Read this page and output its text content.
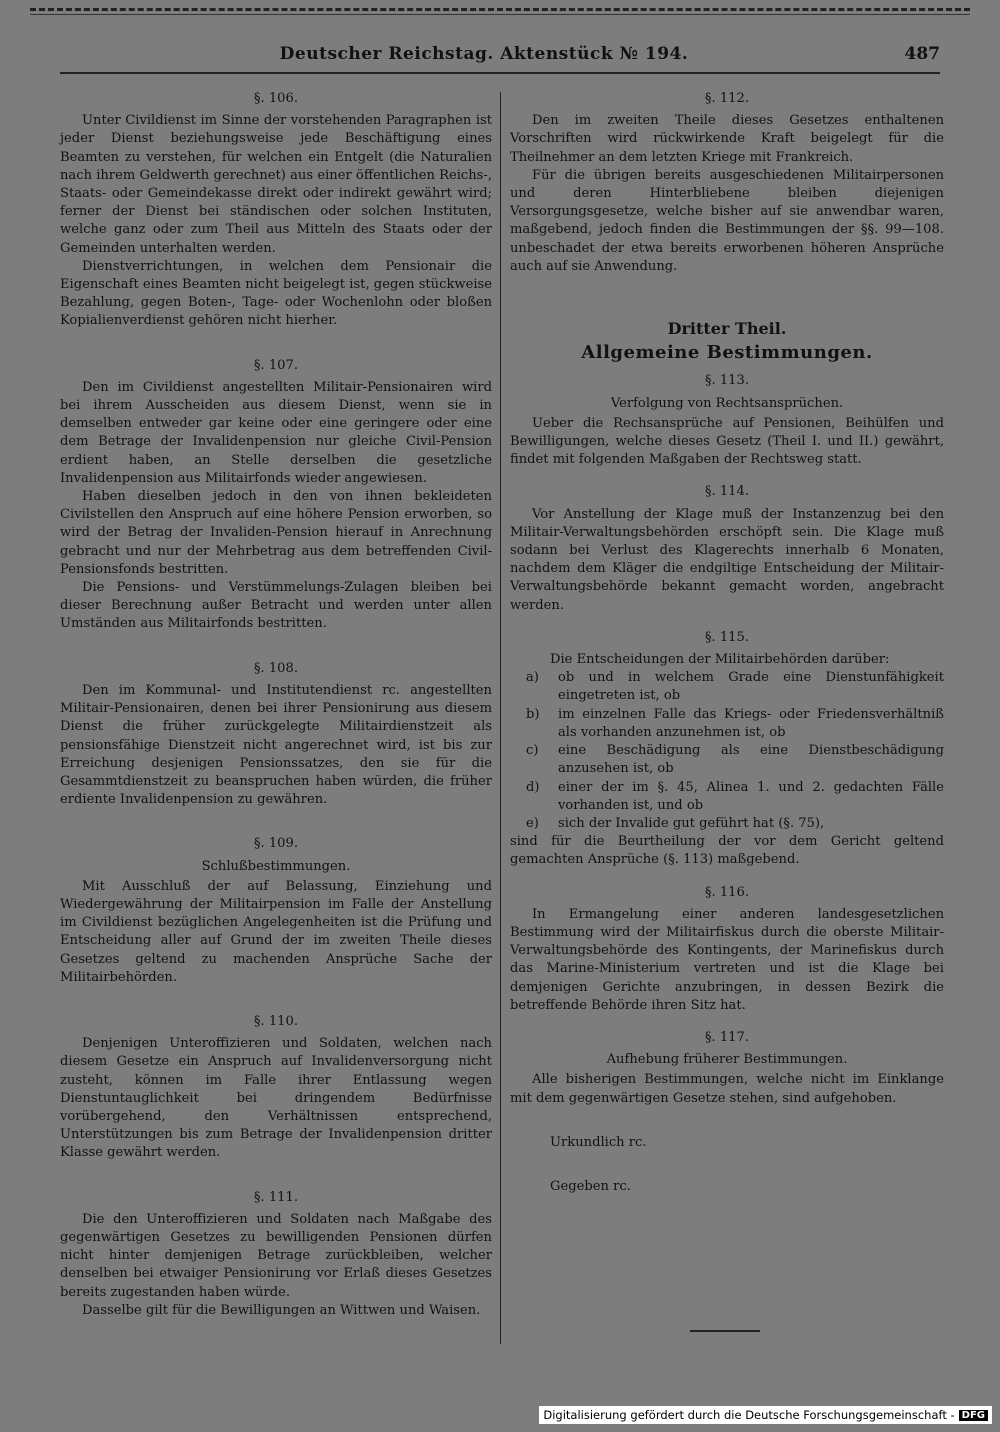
Deutscher Reichstag. Aktenstück № 194.	487
§. 106.

Unter Civildienst im Sinne der vorstehenden Paragraphen ist jeder Dienst beziehungsweise jede Beschäftigung eines Beamten zu verstehen, für welchen ein Entgelt (die Naturalien nach ihrem Geldwerth gerechnet) aus einer öffentlichen Reichs-, Staats- oder Gemeindekasse direkt oder indirekt gewährt wird; ferner der Dienst bei ständischen oder solchen Instituten, welche ganz oder zum Theil aus Mitteln des Staats oder der Gemeinden unterhalten werden.

Dienstverrichtungen, in welchen dem Pensionair die Eigenschaft eines Beamten nicht beigelegt ist, gegen stückweise Bezahlung, gegen Boten-, Tage- oder Wochenlohn oder bloßen Kopialienverdienst gehören nicht hierher.

§. 107.

Den im Civildienst angestellten Militair-Pensionairen wird bei ihrem Ausscheiden aus diesem Dienst, wenn sie in demselben entweder gar keine oder eine geringere oder eine dem Betrage der Invalidenpension nur gleiche Civil-Pension erdient haben, an Stelle derselben die gesetzliche Invalidenpension aus Militairfonds wieder angewiesen.

Haben dieselben jedoch in den von ihnen bekleideten Civilstellen den Anspruch auf eine höhere Pension erworben, so wird der Betrag der Invaliden-Pension hierauf in Anrechnung gebracht und nur der Mehrbetrag aus dem betreffenden Civil-Pensionsfonds bestritten.

Die Pensions- und Verstümmelungs-Zulagen bleiben bei dieser Berechnung außer Betracht und werden unter allen Umständen aus Militairfonds bestritten.

§. 108.

Den im Kommunal- und Institutendienst rc. angestellten Militair-Pensionairen, denen bei ihrer Pensionirung aus diesem Dienst die früher zurückgelegte Militairdienstzeit als pensionsfähige Dienstzeit nicht angerechnet wird, ist bis zur Erreichung desjenigen Pensionssatzes, den sie für die Gesammtdienstzeit zu beanspruchen haben würden, die früher erdiente Invalidenpension zu gewähren.

§. 109.
Schlußbestimmungen.

Mit Ausschluß der auf Belassung, Einziehung und Wiedergewährung der Militairpension im Falle der Anstellung im Civildienst bezüglichen Angelegenheiten ist die Prüfung und Entscheidung aller auf Grund der im zweiten Theile dieses Gesetzes geltend zu machenden Ansprüche Sache der Militairbehörden.

§. 110.

Denjenigen Unteroffizieren und Soldaten, welchen nach diesem Gesetze ein Anspruch auf Invalidenversorgung nicht zusteht, können im Falle ihrer Entlassung wegen Dienstuntauglichkeit bei dringendem Bedürfnisse vorübergehend, den Verhältnissen entsprechend, Unterstützungen bis zum Betrage der Invalidenpension dritter Klasse gewährt werden.

§. 111.

Die den Unteroffizieren und Soldaten nach Maßgabe des gegenwärtigen Gesetzes zu bewilligenden Pensionen dürfen nicht hinter demjenigen Betrage zurückbleiben, welcher denselben bei etwaiger Pensionirung vor Erlaß dieses Gesetzes bereits zugestanden haben würde.

Dasselbe gilt für die Bewilligungen an Wittwen und Waisen.

§. 112.

Den im zweiten Theile dieses Gesetzes enthaltenen Vorschriften wird rückwirkende Kraft beigelegt für die Theilnehmer an dem letzten Kriege mit Frankreich.

Für die übrigen bereits ausgeschiedenen Militairpersonen und deren Hinterbliebene bleiben diejenigen Versorgungsgesetze, welche bisher auf sie anwendbar waren, maßgebend, jedoch finden die Bestimmungen der §§. 99—108. unbeschadet der etwa bereits erworbenen höheren Ansprüche auch auf sie Anwendung.

Dritter Theil.
Allgemeine Bestimmungen.
§. 113.
Verfolgung von Rechtsansprüchen.

Ueber die Rechsansprüche auf Pensionen, Beihülfen und Bewilligungen, welche dieses Gesetz (Theil I. und II.) gewährt, findet mit folgenden Maßgaben der Rechtsweg statt.

§. 114.

Vor Anstellung der Klage muß der Instanzenzug bei den Militair-Verwaltungsbehörden erschöpft sein. Die Klage muß sodann bei Verlust des Klagerechts innerhalb 6 Monaten, nachdem dem Kläger die endgiltige Entscheidung der Militair-Verwaltungsbehörde bekannt gemacht worden, angebracht werden.

§. 115.

Die Entscheidungen der Militairbehörden darüber:

a) ob und in welchem Grade eine Dienstunfähigkeit eingetreten ist, ob
b) im einzelnen Falle das Kriegs- oder Friedensverhältniß als vorhanden anzunehmen ist, ob
c) eine Beschädigung als eine Dienstbeschädigung anzusehen ist, ob
d) einer der im §. 45, Alinea 1. und 2. gedachten Fälle vorhanden ist, und ob
e) sich der Invalide gut geführt hat (§. 75),

sind für die Beurtheilung der vor dem Gericht geltend gemachten Ansprüche (§. 113) maßgebend.

§. 116.

In Ermangelung einer anderen landesgesetzlichen Bestimmung wird der Militairfiskus durch die oberste Militair-Verwaltungsbehörde des Kontingents, der Marinefiskus durch das Marine-Ministerium vertreten und ist die Klage bei demjenigen Gerichte anzubringen, in dessen Bezirk die betreffende Behörde ihren Sitz hat.

§. 117.
Aufhebung früherer Bestimmungen.

Alle bisherigen Bestimmungen, welche nicht im Einklange mit dem gegenwärtigen Gesetze stehen, sind aufgehoben.

Urkundlich rc.

Gegeben rc.

Digitalisierung gefördert durch die Deutsche Forschungsgemeinschaft - DFG
